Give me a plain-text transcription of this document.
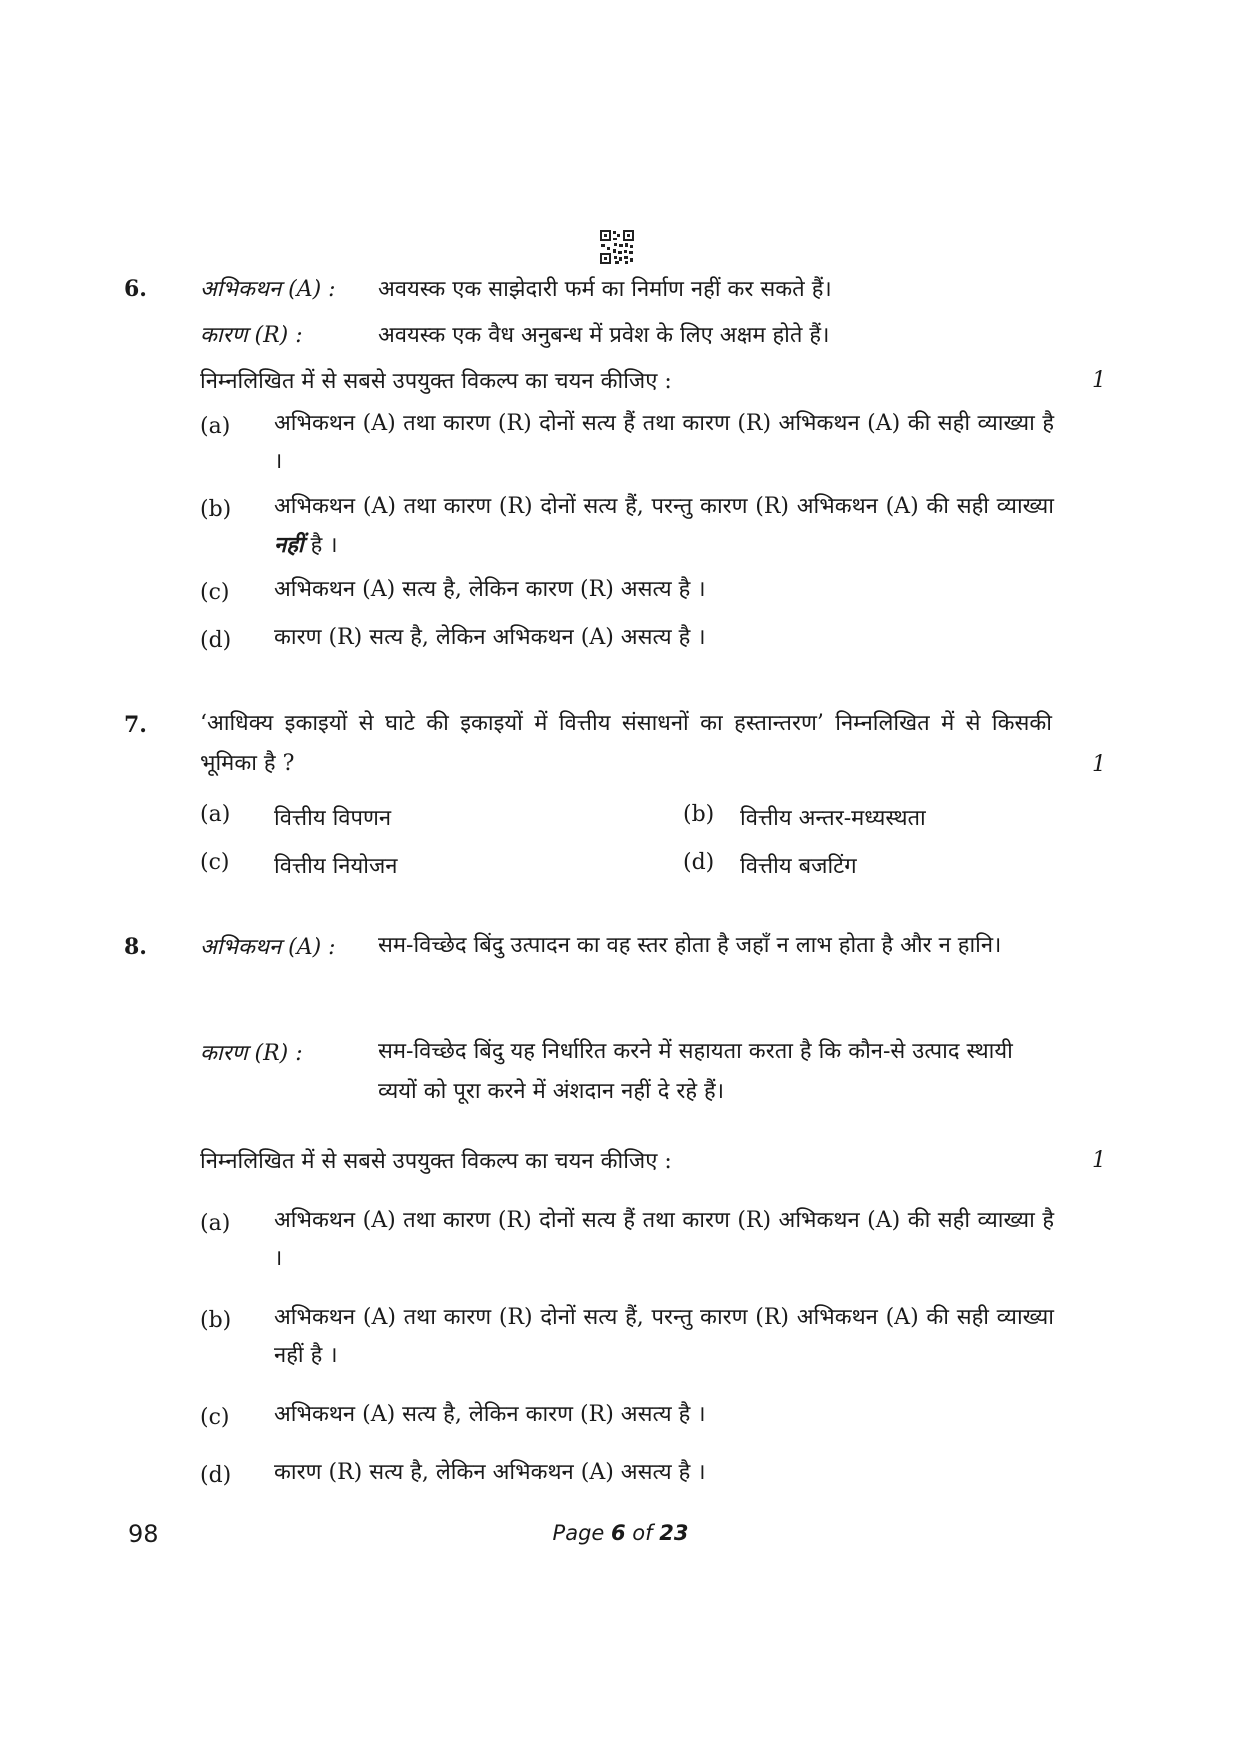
6. अभिकथन (A) : अवयस्क एक साझेदारी फर्म का निर्माण नहीं कर सकते हैं।
कारण (R) :	अवयस्क एक वैध अनुबन्ध में प्रवेश के लिए अक्षम होते हैं।
निम्नलिखित में से सबसे उपयुक्त विकल्प का चयन कीजिए :	1
(a) अभिकथन (A) तथा कारण (R) दोनों सत्य हैं तथा कारण (R) अभिकथन (A) की सही व्याख्या है ।
(b) अभिकथन (A) तथा कारण (R) दोनों सत्य हैं, परन्तु कारण (R) अभिकथन (A) की सही व्याख्या नहीं है ।
(c) अभिकथन (A) सत्य है, लेकिन कारण (R) असत्य है ।
(d) कारण (R) सत्य है, लेकिन अभिकथन (A) असत्य है ।
7. ‘आधिक्य इकाइयों से घाटे की इकाइयों में वित्तीय संसाधनों का हस्तान्तरण’ निम्नलिखित में से किसकी भूमिका है ?	1
(a) वित्तीय विपणन	(b) वित्तीय अन्तर-मध्यस्थता
(c) वित्तीय नियोजन	(d) वित्तीय बजटिंग
8. अभिकथन (A) : सम-विच्छेद बिंदु उत्पादन का वह स्तर होता है जहाँ न लाभ होता है और न हानि।
कारण (R) :	सम-विच्छेद बिंदु यह निर्धारित करने में सहायता करता है कि कौन-से उत्पाद स्थायी व्ययों को पूरा करने में अंशदान नहीं दे रहे हैं।
निम्नलिखित में से सबसे उपयुक्त विकल्प का चयन कीजिए :	1
(a) अभिकथन (A) तथा कारण (R) दोनों सत्य हैं तथा कारण (R) अभिकथन (A) की सही व्याख्या है ।
(b) अभिकथन (A) तथा कारण (R) दोनों सत्य हैं, परन्तु कारण (R) अभिकथन (A) की सही व्याख्या नहीं है ।
(c) अभिकथन (A) सत्य है, लेकिन कारण (R) असत्य है ।
(d) कारण (R) सत्य है, लेकिन अभिकथन (A) असत्य है ।
98	Page 6 of 23
